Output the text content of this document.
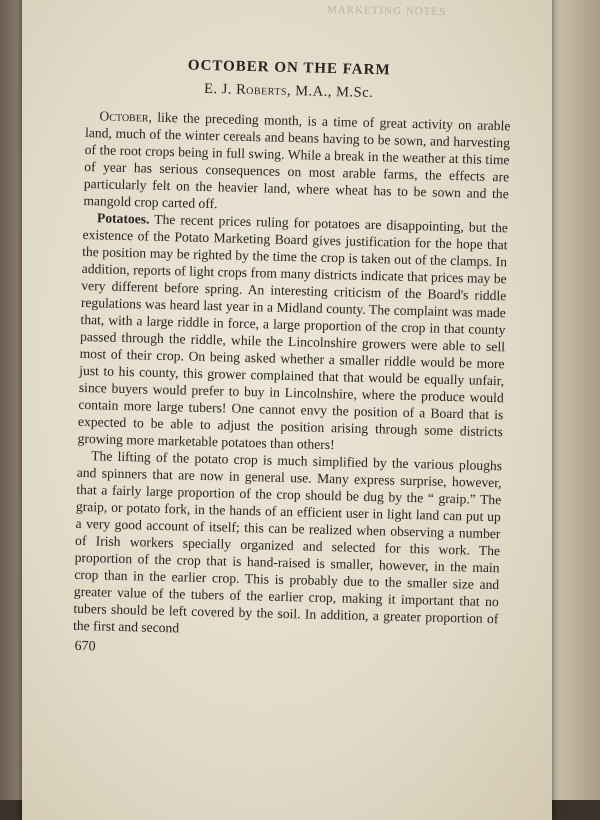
MARKETING NOTES
OCTOBER ON THE FARM
E. J. Roberts, M.A., M.Sc.

October, like the preceding month, is a time of great activity on arable land, much of the winter cereals and beans having to be sown, and harvesting of the root crops being in full swing. While a break in the weather at this time of year has serious consequences on most arable farms, the effects are particularly felt on the heavier land, where wheat has to be sown and the mangold crop carted off.

Potatoes. The recent prices ruling for potatoes are disappointing, but the existence of the Potato Marketing Board gives justification for the hope that the position may be righted by the time the crop is taken out of the clamps. In addition, reports of light crops from many districts indicate that prices may be very different before spring. An interesting criticism of the Board's riddle regulations was heard last year in a Midland county. The complaint was made that, with a large riddle in force, a large proportion of the crop in that county passed through the riddle, while the Lincolnshire growers were able to sell most of their crop. On being asked whether a smaller riddle would be more just to his county, this grower complained that that would be equally unfair, since buyers would prefer to buy in Lincolnshire, where the produce would contain more large tubers! One cannot envy the position of a Board that is expected to be able to adjust the position arising through some districts growing more marketable potatoes than others!

The lifting of the potato crop is much simplified by the various ploughs and spinners that are now in general use. Many express surprise, however, that a fairly large proportion of the crop should be dug by the “ graip.” The graip, or potato fork, in the hands of an efficient user in light land can put up a very good account of itself; this can be realized when observing a number of Irish workers specially organized and selected for this work. The proportion of the crop that is hand-raised is smaller, however, in the main crop than in the earlier crop. This is probably due to the smaller size and greater value of the tubers of the earlier crop, making it important that no tubers should be left covered by the soil. In addition, a greater proportion of the first and second

670
